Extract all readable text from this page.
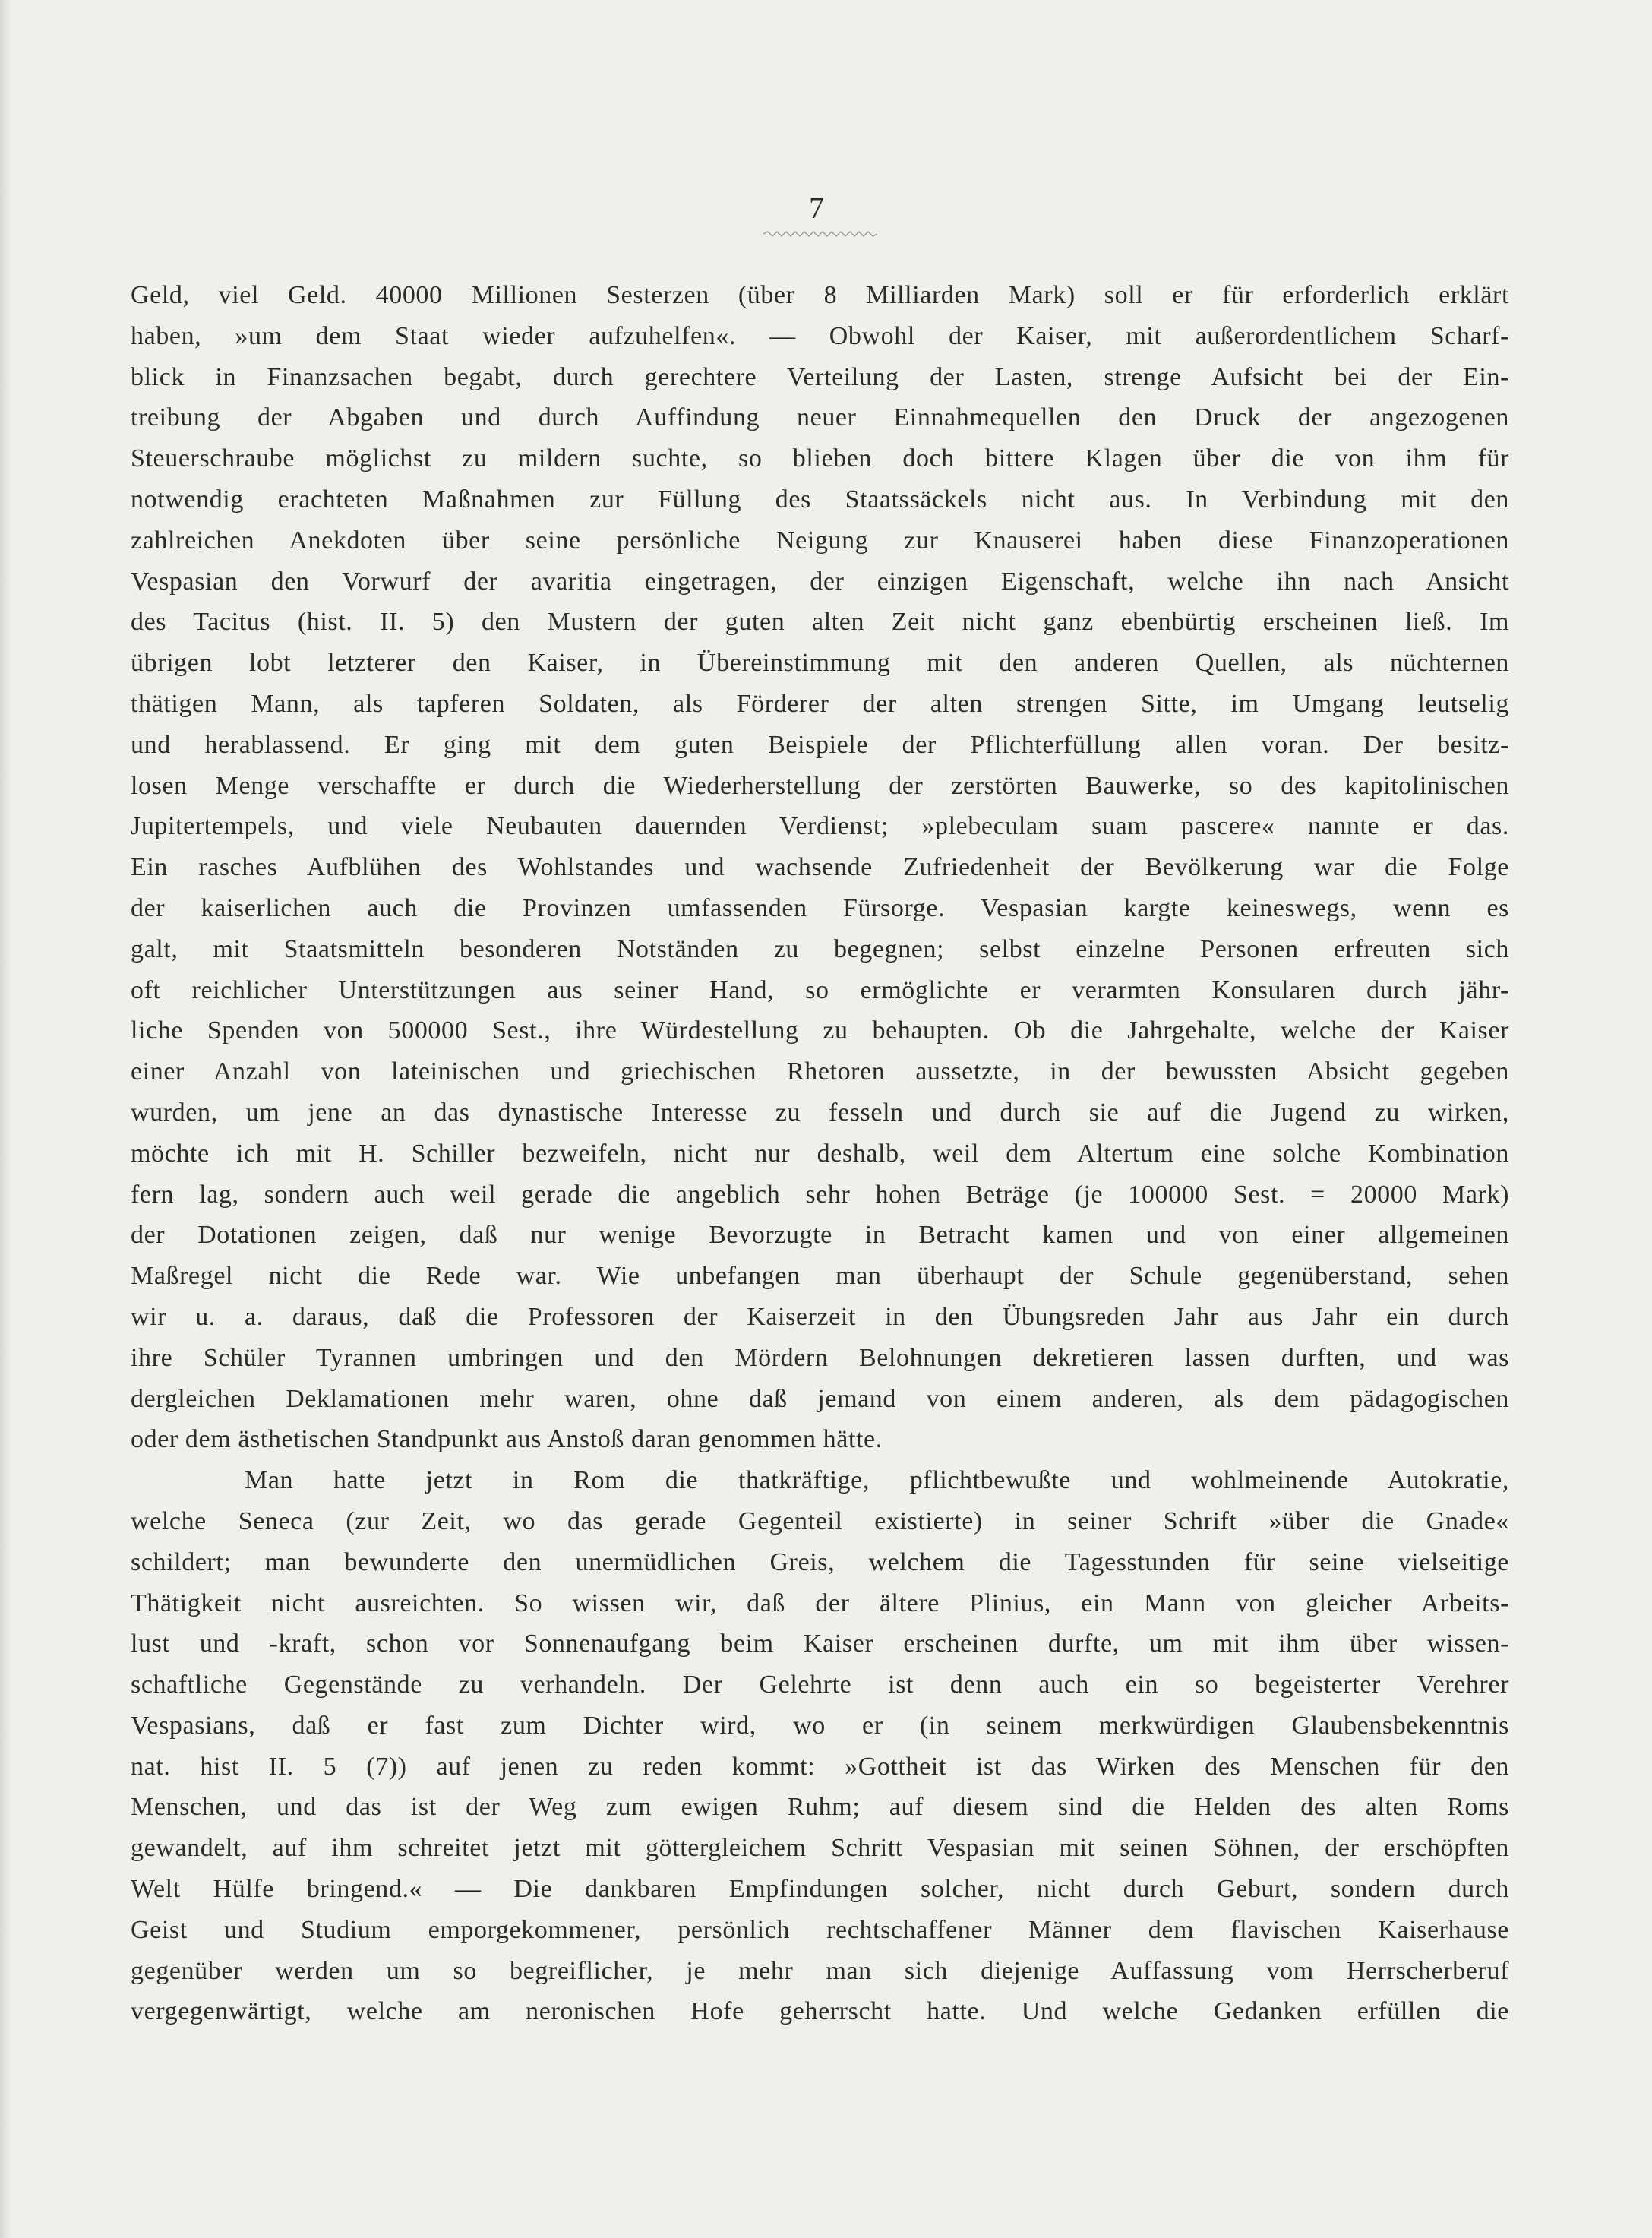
7
Geld, viel Geld. 40000 Millionen Sesterzen (über 8 Milliarden Mark) soll er für erforderlich erklärt
haben, »um dem Staat wieder aufzuhelfen«. — Obwohl der Kaiser, mit außerordentlichem Scharf-
blick in Finanzsachen begabt, durch gerechtere Verteilung der Lasten, strenge Aufsicht bei der Ein-
treibung der Abgaben und durch Auffindung neuer Einnahmequellen den Druck der angezogenen
Steuerschraube möglichst zu mildern suchte, so blieben doch bittere Klagen über die von ihm für
notwendig erachteten Maßnahmen zur Füllung des Staatssäckels nicht aus. In Verbindung mit den
zahlreichen Anekdoten über seine persönliche Neigung zur Knauserei haben diese Finanzoperationen
Vespasian den Vorwurf der avaritia eingetragen, der einzigen Eigenschaft, welche ihn nach Ansicht
des Tacitus (hist. II. 5) den Mustern der guten alten Zeit nicht ganz ebenbürtig erscheinen ließ. Im
übrigen lobt letzterer den Kaiser, in Übereinstimmung mit den anderen Quellen, als nüchternen
thätigen Mann, als tapferen Soldaten, als Förderer der alten strengen Sitte, im Umgang leutselig
und herablassend. Er ging mit dem guten Beispiele der Pflichterfüllung allen voran. Der besitz-
losen Menge verschaffte er durch die Wiederherstellung der zerstörten Bauwerke, so des kapitolinischen
Jupitertempels, und viele Neubauten dauernden Verdienst; »plebeculam suam pascere« nannte er das.
Ein rasches Aufblühen des Wohlstandes und wachsende Zufriedenheit der Bevölkerung war die Folge
der kaiserlichen auch die Provinzen umfassenden Fürsorge. Vespasian kargte keineswegs, wenn es
galt, mit Staatsmitteln besonderen Notständen zu begegnen; selbst einzelne Personen erfreuten sich
oft reichlicher Unterstützungen aus seiner Hand, so ermöglichte er verarmten Konsularen durch jähr-
liche Spenden von 500000 Sest., ihre Würdestellung zu behaupten. Ob die Jahrgehalte, welche der Kaiser
einer Anzahl von lateinischen und griechischen Rhetoren aussetzte, in der bewussten Absicht gegeben
wurden, um jene an das dynastische Interesse zu fesseln und durch sie auf die Jugend zu wirken,
möchte ich mit H. Schiller bezweifeln, nicht nur deshalb, weil dem Altertum eine solche Kombination
fern lag, sondern auch weil gerade die angeblich sehr hohen Beträge (je 100000 Sest. = 20000 Mark)
der Dotationen zeigen, daß nur wenige Bevorzugte in Betracht kamen und von einer allgemeinen
Maßregel nicht die Rede war. Wie unbefangen man überhaupt der Schule gegenüberstand, sehen
wir u. a. daraus, daß die Professoren der Kaiserzeit in den Übungsreden Jahr aus Jahr ein durch
ihre Schüler Tyrannen umbringen und den Mördern Belohnungen dekretieren lassen durften, und was
dergleichen Deklamationen mehr waren, ohne daß jemand von einem anderen, als dem pädagogischen
oder dem ästhetischen Standpunkt aus Anstoß daran genommen hätte.
Man hatte jetzt in Rom die thatkräftige, pflichtbewußte und wohlmeinende Autokratie,
welche Seneca (zur Zeit, wo das gerade Gegenteil existierte) in seiner Schrift »über die Gnade«
schildert; man bewunderte den unermüdlichen Greis, welchem die Tagesstunden für seine vielseitige
Thätigkeit nicht ausreichten. So wissen wir, daß der ältere Plinius, ein Mann von gleicher Arbeits-
lust und -kraft, schon vor Sonnenaufgang beim Kaiser erscheinen durfte, um mit ihm über wissen-
schaftliche Gegenstände zu verhandeln. Der Gelehrte ist denn auch ein so begeisterter Verehrer
Vespasians, daß er fast zum Dichter wird, wo er (in seinem merkwürdigen Glaubensbekenntnis
nat. hist II. 5 (7)) auf jenen zu reden kommt: »Gottheit ist das Wirken des Menschen für den
Menschen, und das ist der Weg zum ewigen Ruhm; auf diesem sind die Helden des alten Roms
gewandelt, auf ihm schreitet jetzt mit göttergleichem Schritt Vespasian mit seinen Söhnen, der erschöpften
Welt Hülfe bringend.« — Die dankbaren Empfindungen solcher, nicht durch Geburt, sondern durch
Geist und Studium emporgekommener, persönlich rechtschaffener Männer dem flavischen Kaiserhause
gegenüber werden um so begreiflicher, je mehr man sich diejenige Auffassung vom Herrscherberuf
vergegenwärtigt, welche am neronischen Hofe geherrscht hatte. Und welche Gedanken erfüllen die
